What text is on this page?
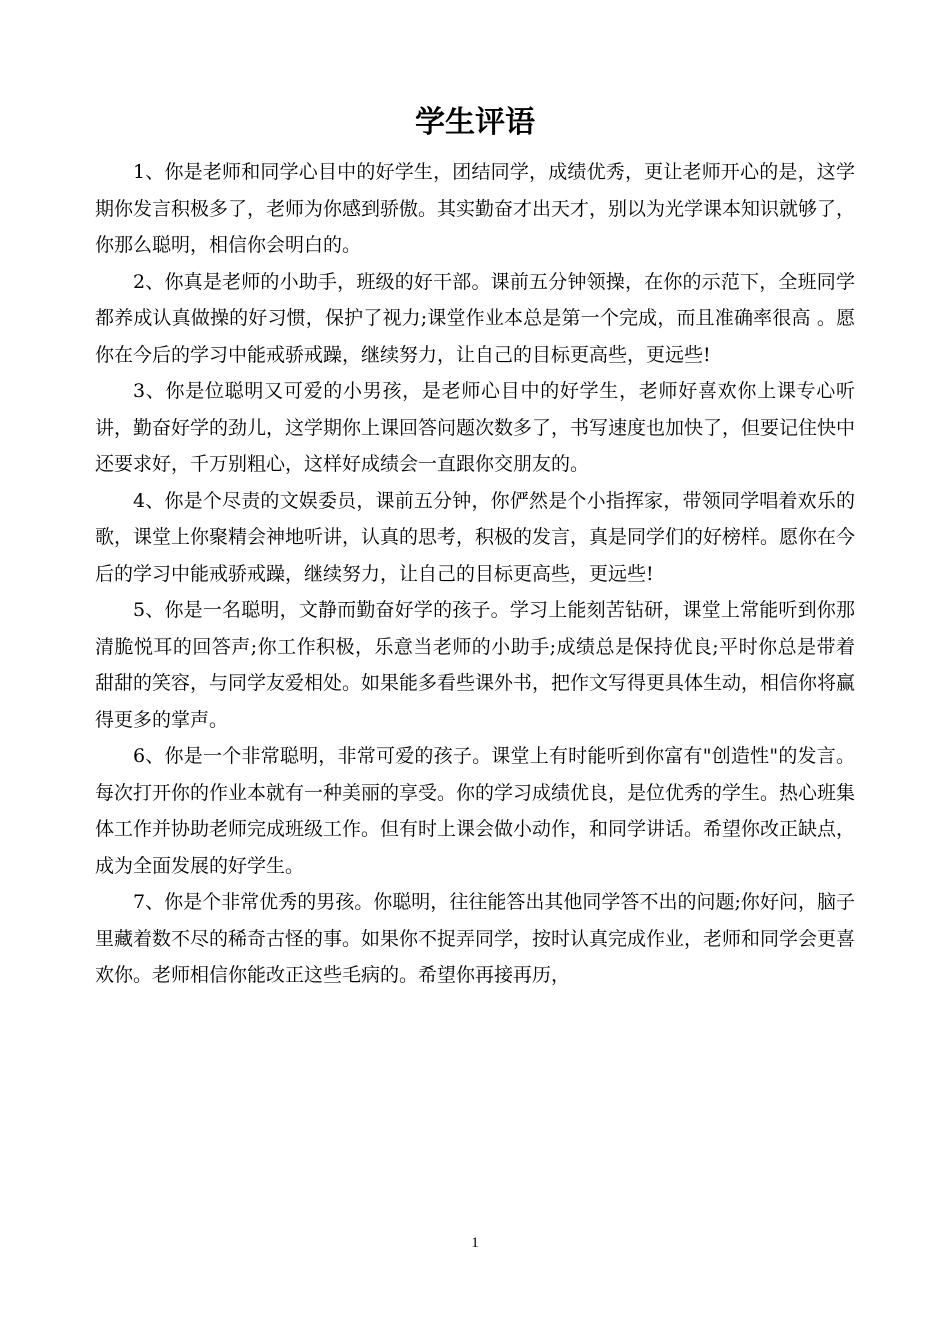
学生评语

1、你是老师和同学心目中的好学生，团结同学，成绩优秀，更让老师开心的是，这学期你发言积极多了，老师为你感到骄傲。其实勤奋才出天才，别以为光学课本知识就够了，你那么聪明，相信你会明白的。

2、你真是老师的小助手，班级的好干部。课前五分钟领操，在你的示范下，全班同学都养成认真做操的好习惯，保护了视力;课堂作业本总是第一个完成，而且准确率很高 。愿你在今后的学习中能戒骄戒躁，继续努力，让自己的目标更高些，更远些!

3、你是位聪明又可爱的小男孩，是老师心目中的好学生，老师好喜欢你上课专心听讲，勤奋好学的劲儿，这学期你上课回答问题次数多了，书写速度也加快了，但要记住快中还要求好，千万别粗心，这样好成绩会一直跟你交朋友的。

4、你是个尽责的文娱委员，课前五分钟，你俨然是个小指挥家，带领同学唱着欢乐的歌，课堂上你聚精会神地听讲，认真的思考，积极的发言，真是同学们的好榜样。愿你在今后的学习中能戒骄戒躁，继续努力，让自己的目标更高些，更远些!

5、你是一名聪明，文静而勤奋好学的孩子。学习上能刻苦钻研，课堂上常能听到你那清脆悦耳的回答声;你工作积极，乐意当老师的小助手;成绩总是保持优良;平时你总是带着甜甜的笑容，与同学友爱相处。如果能多看些课外书，把作文写得更具体生动，相信你将赢得更多的掌声。

6、你是一个非常聪明，非常可爱的孩子。课堂上有时能听到你富有"创造性"的发言。每次打开你的作业本就有一种美丽的享受。你的学习成绩优良，是位优秀的学生。热心班集体工作并协助老师完成班级工作。但有时上课会做小动作，和同学讲话。希望你改正缺点，成为全面发展的好学生。

7、你是个非常优秀的男孩。你聪明，往往能答出其他同学答不出的问题;你好问，脑子里藏着数不尽的稀奇古怪的事。如果你不捉弄同学，按时认真完成作业，老师和同学会更喜欢你。老师相信你能改正这些毛病的。希望你再接再历，

1
